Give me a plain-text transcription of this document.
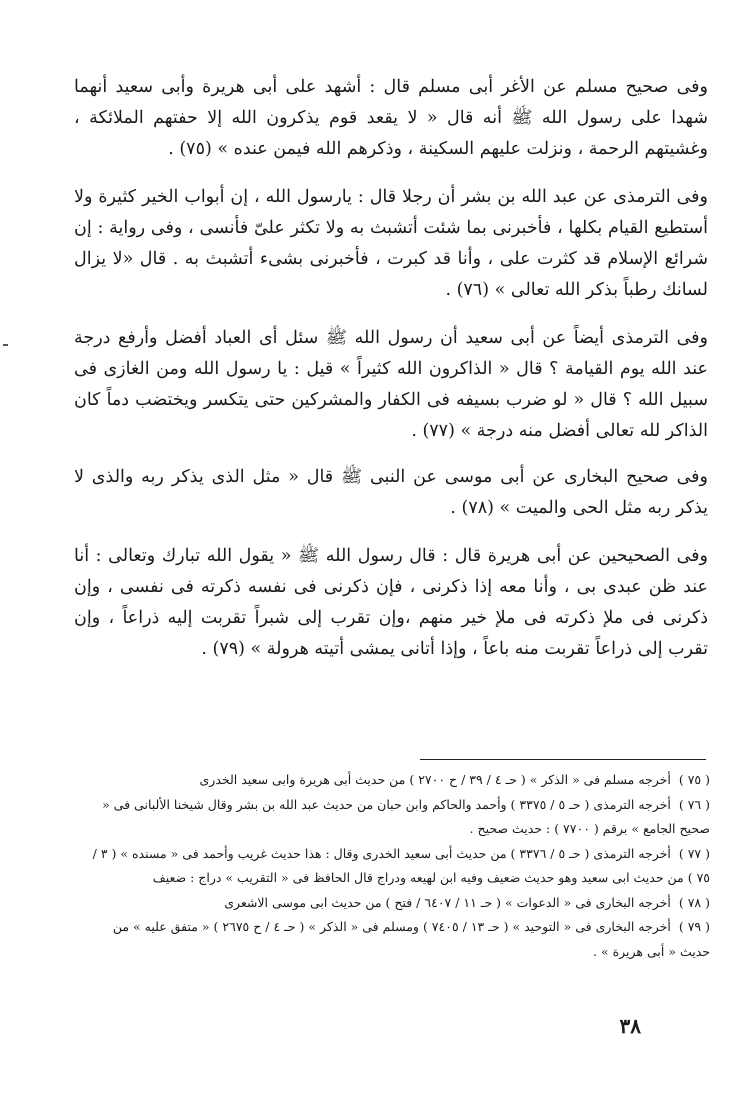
وفى صحيح مسلم عن الأغر أبى مسلم قال : أشهد على أبى هريرة وأبى سعيد أنهما شهدا على رسول الله ﷺ أنه قال « لا يقعد قوم يذكرون الله إلا حفتهم الملائكة ، وغشيتهم الرحمة ، ونزلت عليهم السكينة ، وذكرهم الله فيمن عنده » (٧٥) .

وفى الترمذى عن عبد الله بن بشر أن رجلا قال : يارسول الله ، إن أبواب الخير كثيرة ولا أستطيع القيام بكلها ، فأخبرنى بما شئت أتشبث به ولا تكثر علىّ فأنسى ، وفى رواية : إن شرائع الإسلام قد كثرت على ، وأنا قد كبرت ، فأخبرنى بشىء أتشبث به . قال «لا يزال لسانك رطباً بذكر الله تعالى » (٧٦) .

وفى الترمذى أيضاً عن أبى سعيد أن رسول الله ﷺ سئل أى العباد أفضل وأرفع درجة عند الله يوم القيامة ؟ قال « الذاكرون الله كثيراً » قيل : يا رسول الله ومن الغازى فى سبيل الله ؟ قال « لو ضرب بسيفه فى الكفار والمشركين حتى يتكسر ويختضب دماً كان الذاكر لله تعالى أفضل منه درجة » (٧٧) .

وفى صحيح البخارى عن أبى موسى عن النبى ﷺ قال « مثل الذى يذكر ربه والذى لا يذكر ربه مثل الحى والميت » (٧٨) .

وفى الصحيحين عن أبى هريرة قال : قال رسول الله ﷺ « يقول الله تبارك وتعالى : أنا عند ظن عبدى بى ، وأنا معه إذا ذكرنى ، فإن ذكرنى فى نفسه ذكرته فى نفسى ، وإن ذكرنى فى ملإ ذكرته فى ملإ خير منهم ،وإن تقرب إلى شبراً تقربت إليه ذراعاً ، وإن تقرب إلى ذراعاً تقربت منه باعاً ، وإذا أتانى يمشى أتيته هرولة » (٧٩) .

( ٧٥ ) أخرجه مسلم فى « الذكر » ( حـ ٤ / ٣٩ / ح ٢٧٠٠ ) من حديث أبى هريرة وابى سعيد الخدرى

( ٧٦ ) أخرجه الترمذى ( حـ ٥ / ٣٣٧٥ ) وأحمد والحاكم وابن حبان من حديث عبد الله بن بشر وقال شيخنا الألبانى فى « صحيح الجامع » برقم ( ٧٧٠٠ ) : حديث صحيح .

( ٧٧ ) أخرجه الترمذى ( حـ ٥ / ٣٣٧٦ ) من حديث أبى سعيد الخدرى وقال : هذا حديث غريب وأحمد فى « مسنده » ( ٣ / ٧٥ ) من حديث ابى سعيد وهو حديث ضعيف وفيه ابن لهيعه ودراج قال الحافظ فى « التقريب » دراج : ضعيف

( ٧٨ ) أخرجه البخارى فى « الدعوات » ( حـ ١١ / ٦٤٠٧ / فتح ) من حديث ابى موسى الاشعرى

( ٧٩ ) أخرجه البخارى فى « التوحيد » ( حـ ١٣ / ٧٤٠٥ ) ومسلم فى « الذكر » ( حـ ٤ / ح ٢٦٧٥ ) « متفق عليه » من حديث « أبى هريرة » .

٣٨
